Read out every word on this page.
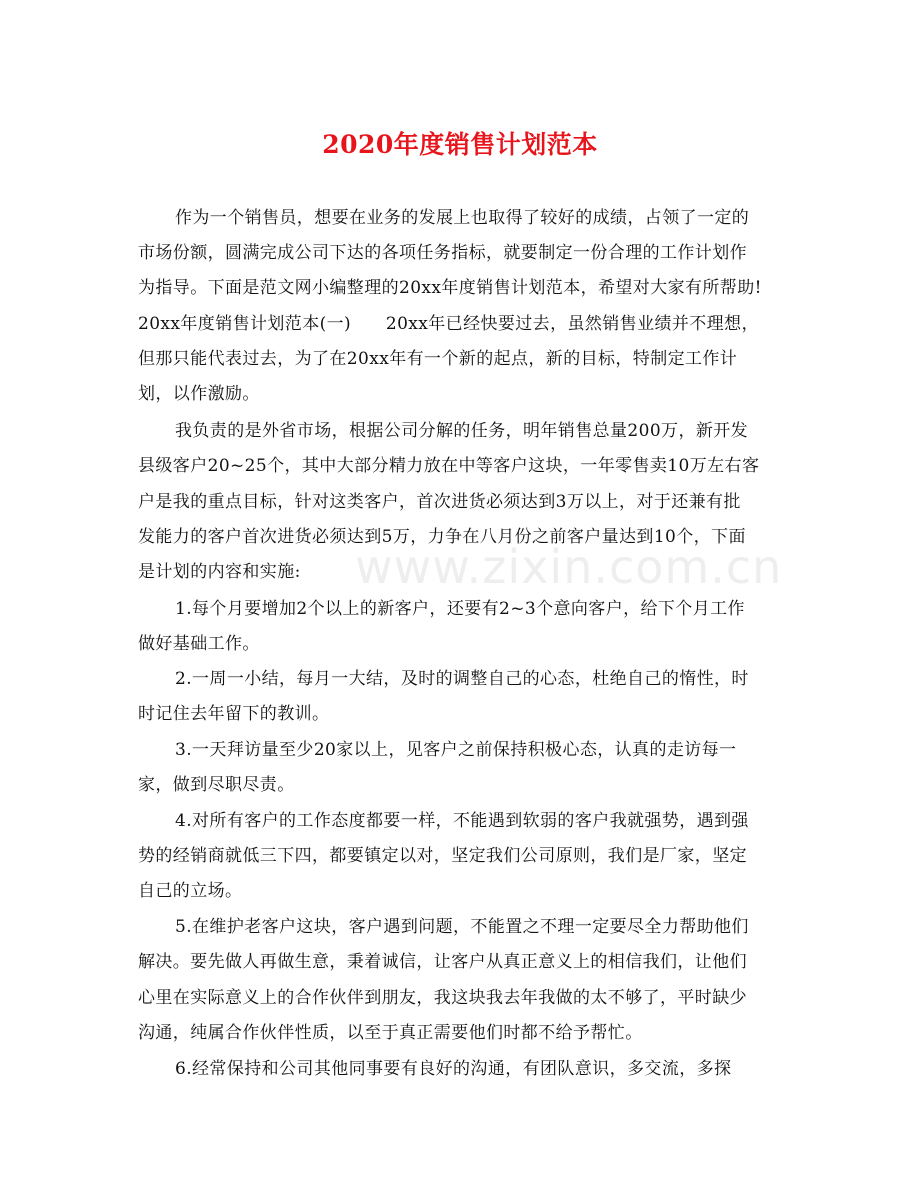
2020年度销售计划范本
www.zixin.com.cn
作为一个销售员，想要在业务的发展上也取得了较好的成绩，占领了一定的
市场份额，圆满完成公司下达的各项任务指标，就要制定一份合理的工作计划作
为指导。下面是范文网小编整理的20xx年度销售计划范本，希望对大家有所帮助!
20xx年度销售计划范本(一)　　20xx年已经快要过去，虽然销售业绩并不理想，
但那只能代表过去，为了在20xx年有一个新的起点，新的目标，特制定工作计
划，以作激励。
我负责的是外省市场，根据公司分解的任务，明年销售总量200万，新开发
县级客户20~25个，其中大部分精力放在中等客户这块，一年零售卖10万左右客
户是我的重点目标，针对这类客户，首次进货必须达到3万以上，对于还兼有批
发能力的客户首次进货必须达到5万，力争在八月份之前客户量达到10个，下面
是计划的内容和实施:
1.每个月要增加2个以上的新客户，还要有2~3个意向客户，给下个月工作
做好基础工作。
2.一周一小结，每月一大结，及时的调整自己的心态，杜绝自己的惰性，时
时记住去年留下的教训。
3.一天拜访量至少20家以上，见客户之前保持积极心态，认真的走访每一
家，做到尽职尽责。
4.对所有客户的工作态度都要一样，不能遇到软弱的客户我就强势，遇到强
势的经销商就低三下四，都要镇定以对，坚定我们公司原则，我们是厂家，坚定
自己的立场。
5.在维护老客户这块，客户遇到问题，不能置之不理一定要尽全力帮助他们
解决。要先做人再做生意，秉着诚信，让客户从真正意义上的相信我们，让他们
心里在实际意义上的合作伙伴到朋友，我这块我去年我做的太不够了，平时缺少
沟通，纯属合作伙伴性质，以至于真正需要他们时都不给予帮忙。
6.经常保持和公司其他同事要有良好的沟通，有团队意识，多交流，多探
